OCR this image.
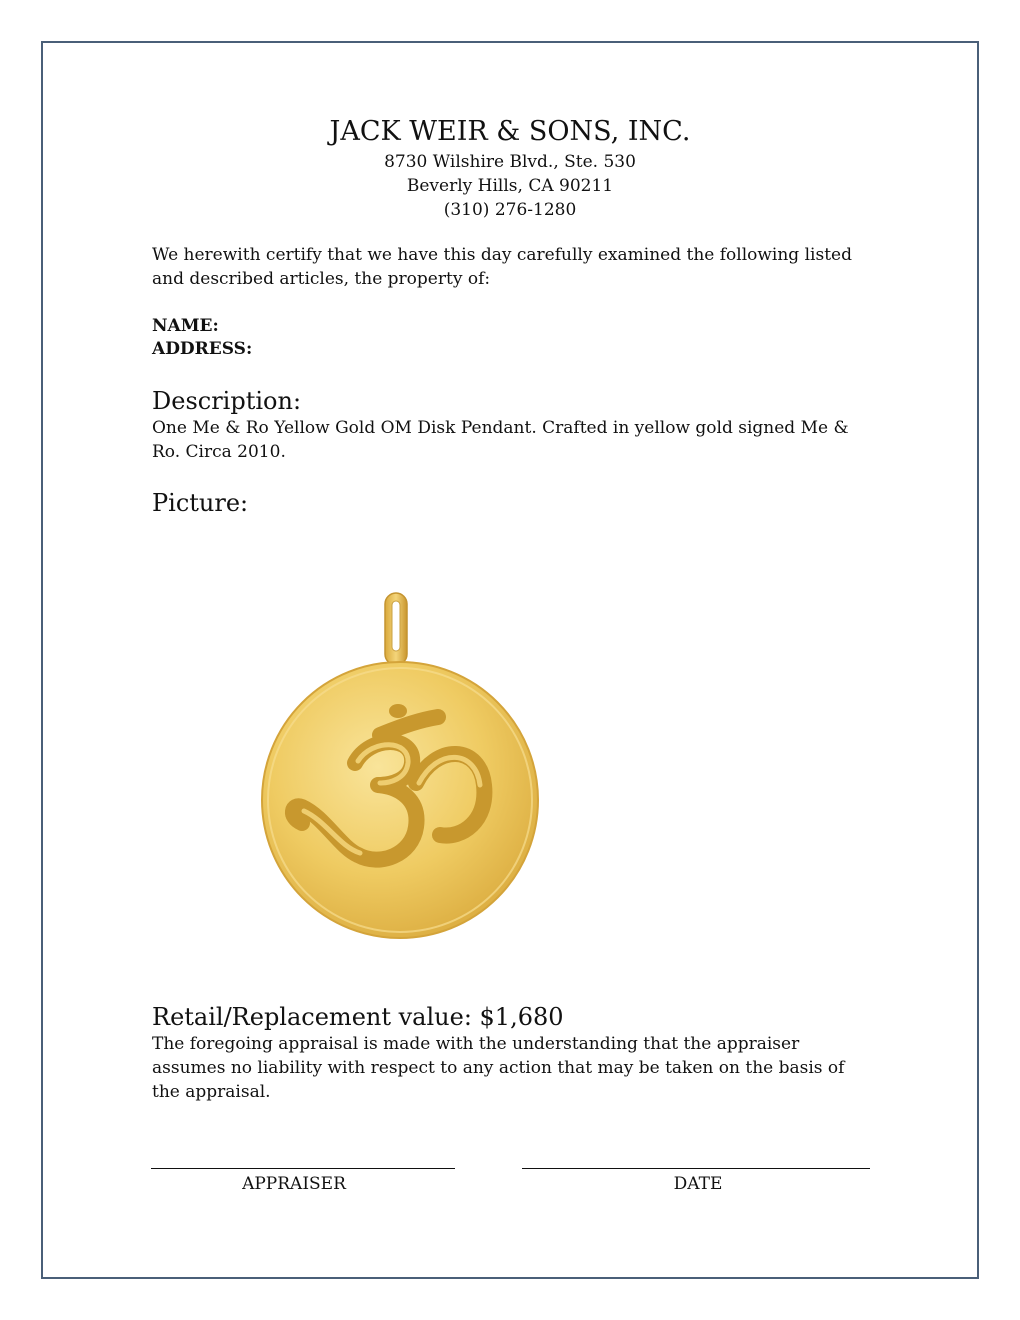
JACK WEIR & SONS, INC.
8730 Wilshire Blvd., Ste. 530
Beverly Hills, CA 90211
(310) 276-1280
We herewith certify that we have this day carefully examined the following listed and described articles, the property of:
NAME:
ADDRESS:
Description:
One Me & Ro Yellow Gold OM Disk Pendant. Crafted in yellow gold signed Me & Ro. Circa 2010.
Picture:
Retail/Replacement value: $1,680
The foregoing appraisal is made with the understanding that the appraiser assumes no liability with respect to any action that may be taken on the basis of the appraisal.
APPRAISER	DATE
